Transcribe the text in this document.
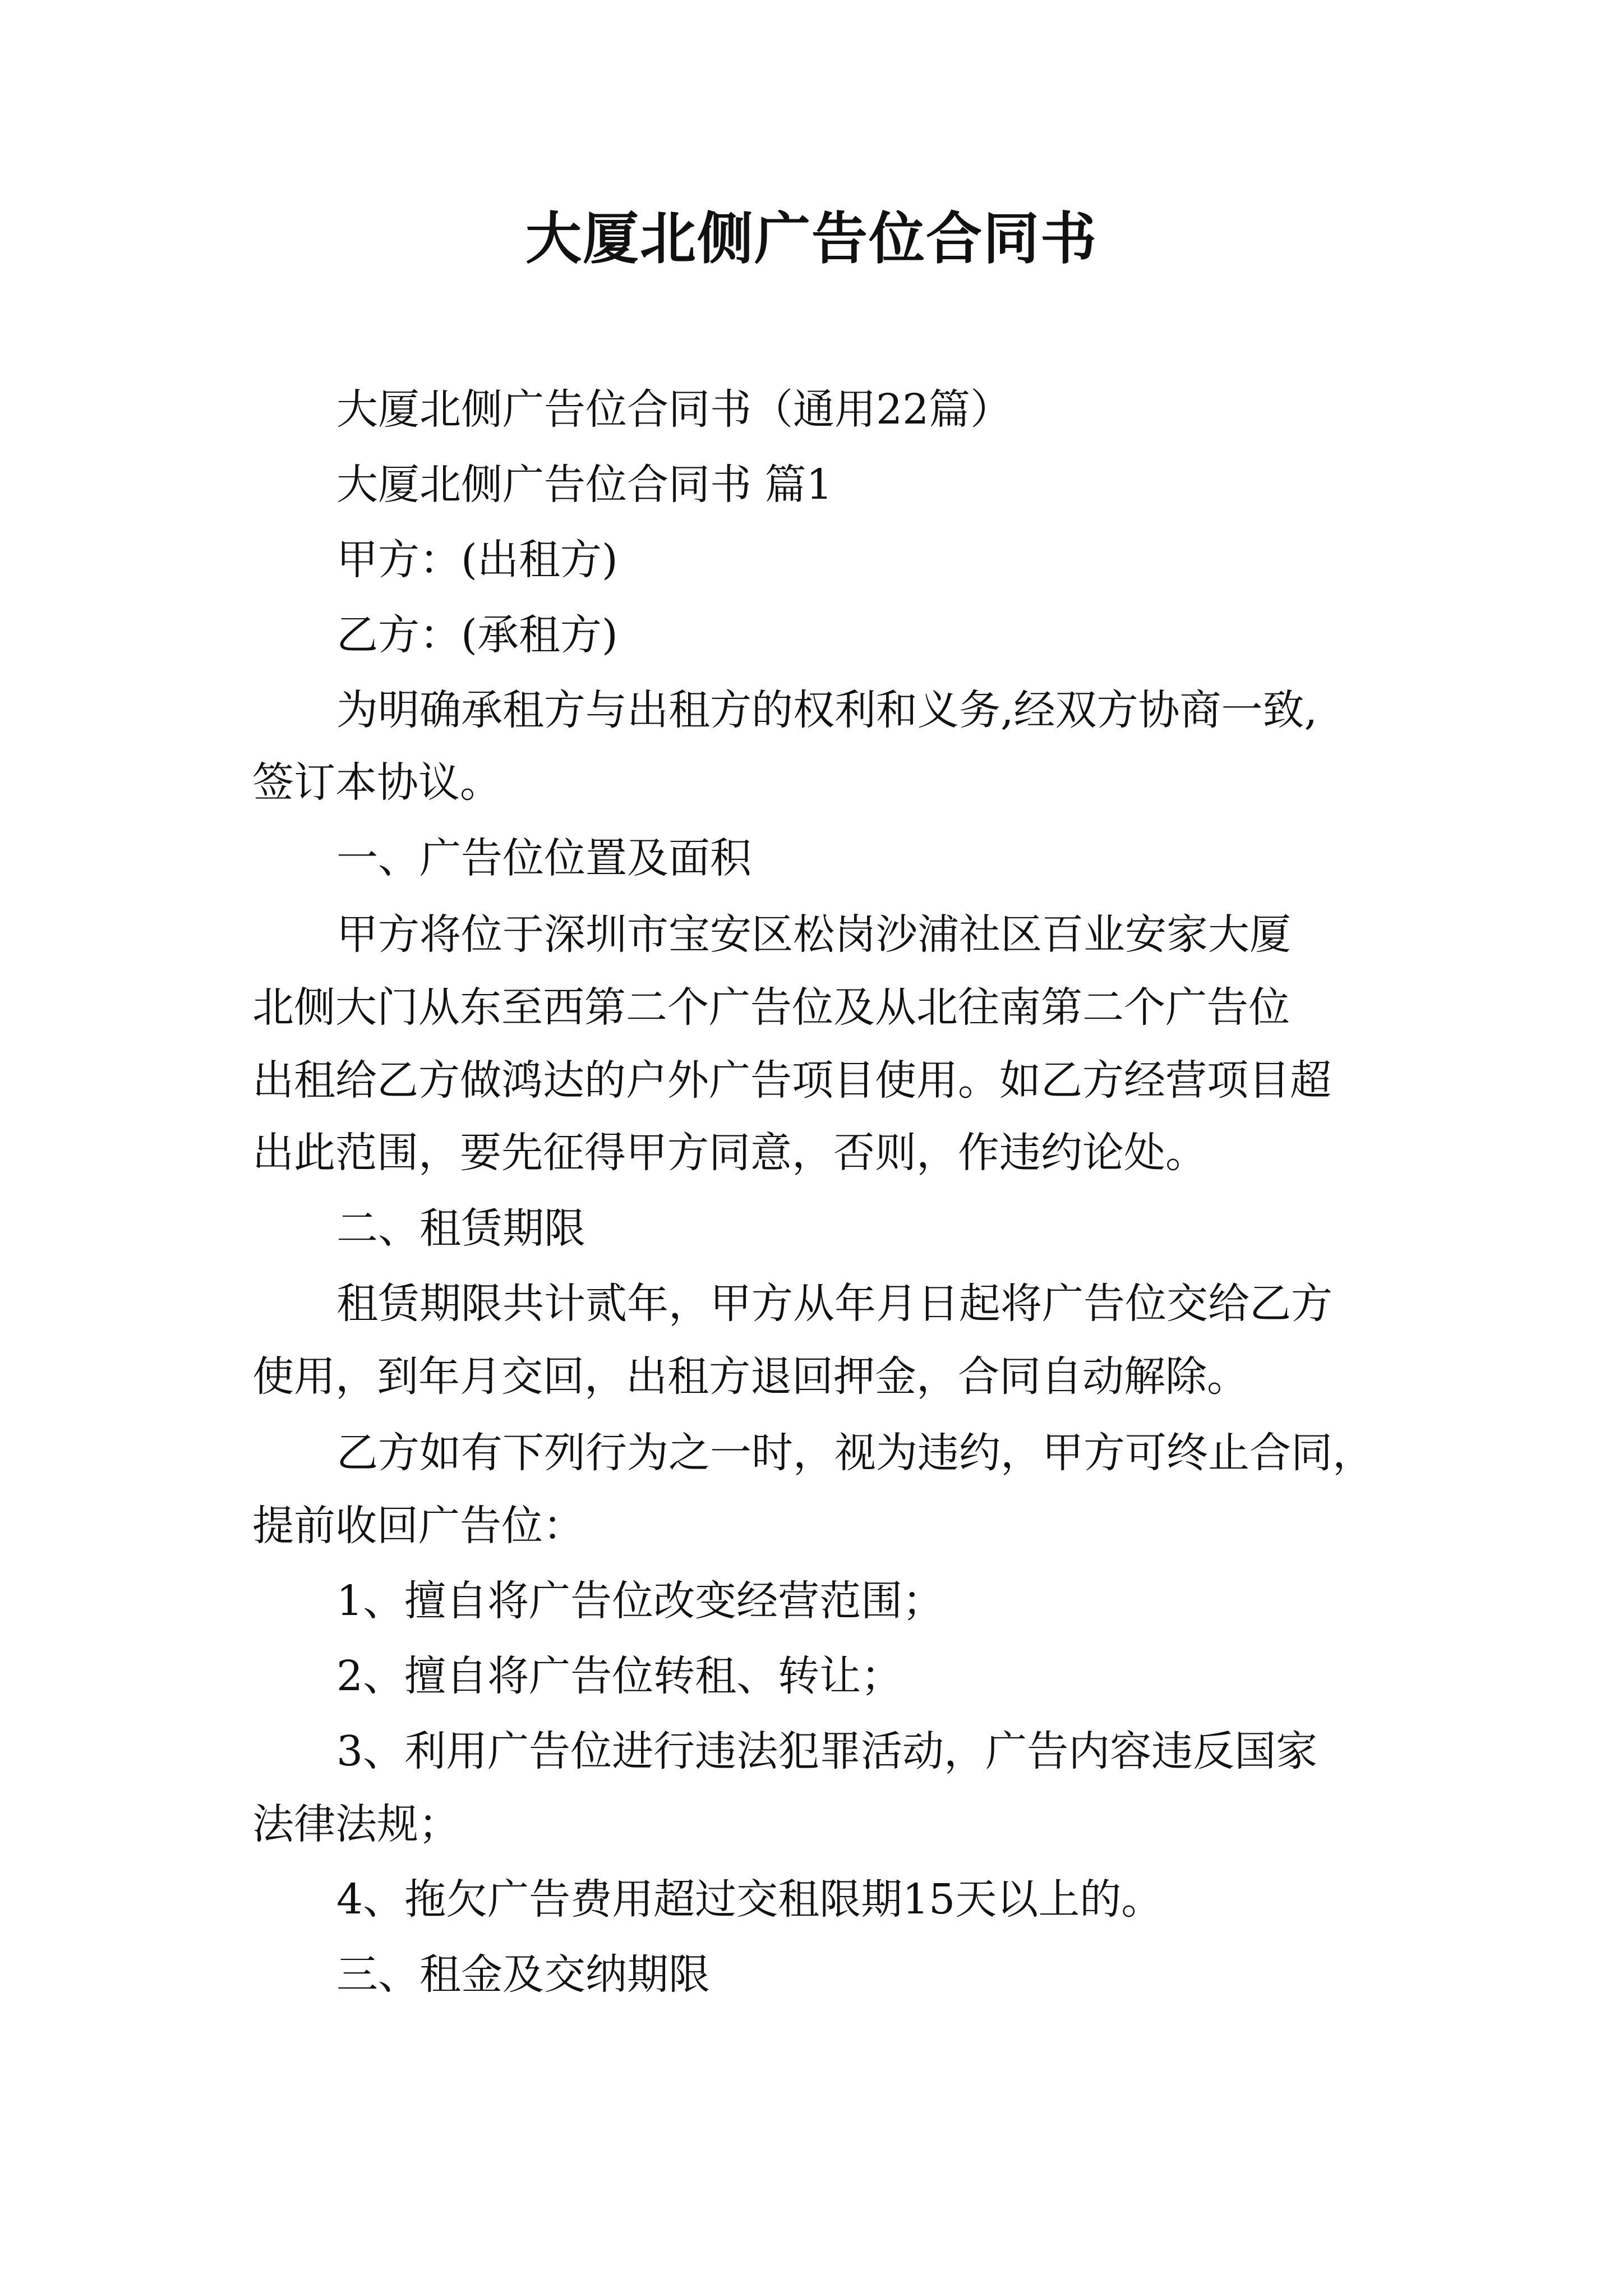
大厦北侧广告位合同书
大厦北侧广告位合同书（通用22篇）
大厦北侧广告位合同书 篇1
甲方：(出租方)
乙方：(承租方)
为明确承租方与出租方的权利和义务,经双方协商一致,
签订本协议。
一、广告位位置及面积
甲方将位于深圳市宝安区松岗沙浦社区百业安家大厦
北侧大门从东至西第二个广告位及从北往南第二个广告位
出租给乙方做鸿达的户外广告项目使用。如乙方经营项目超
出此范围，要先征得甲方同意，否则，作违约论处。
二、租赁期限
租赁期限共计贰年，甲方从年月日起将广告位交给乙方
使用，到年月交回，出租方退回押金，合同自动解除。
乙方如有下列行为之一时，视为违约，甲方可终止合同，
提前收回广告位：
1、擅自将广告位改变经营范围；
2、擅自将广告位转租、转让；
3、利用广告位进行违法犯罪活动，广告内容违反国家
法律法规；
4、拖欠广告费用超过交租限期15天以上的。
三、租金及交纳期限
